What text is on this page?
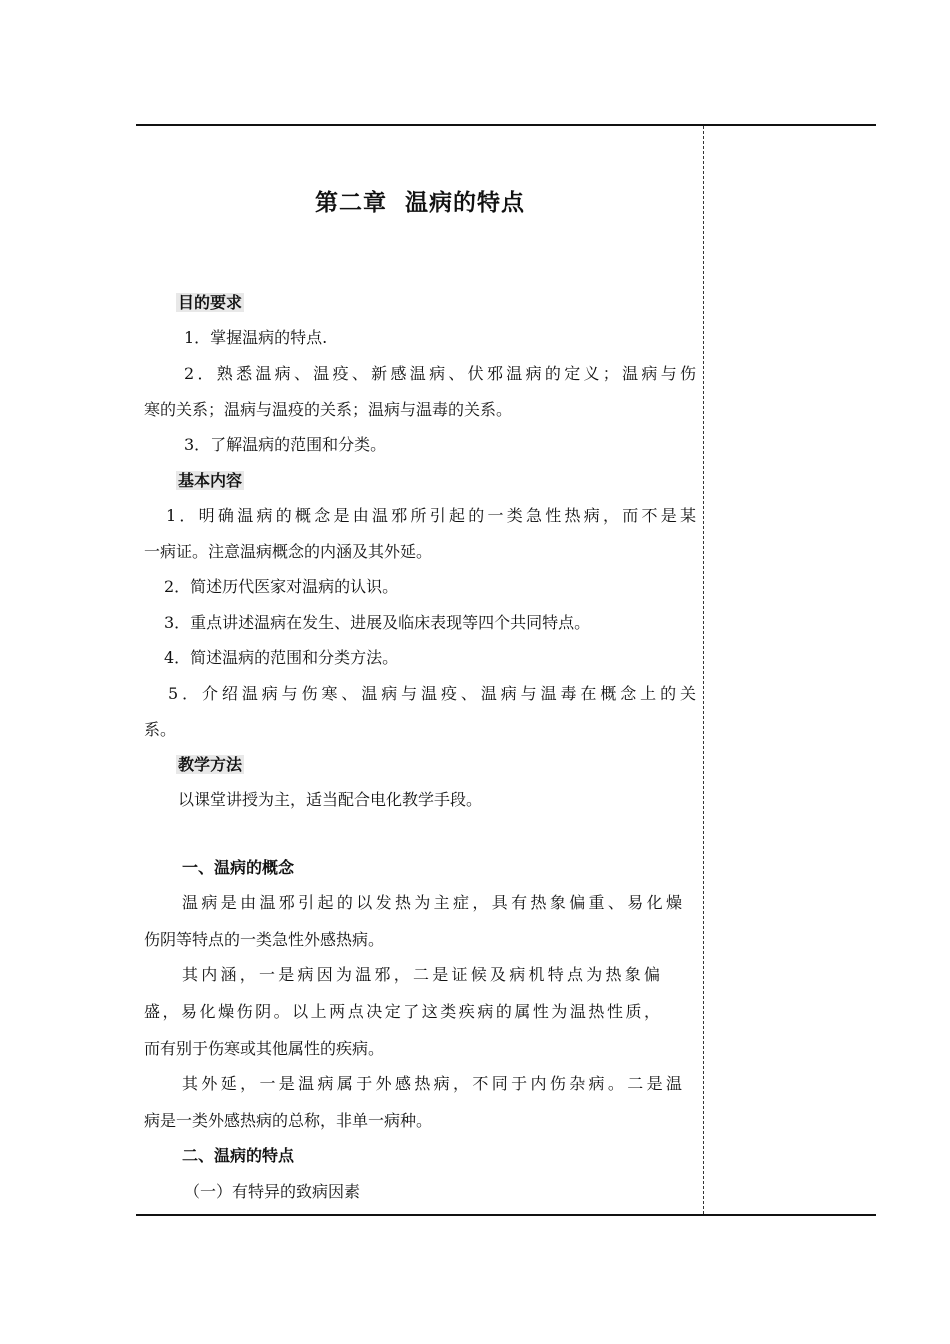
第二章 温病的特点
目的要求
1．掌握温病的特点.
2．熟悉温病、温疫、新感温病、伏邪温病的定义；温病与伤
寒的关系；温病与温疫的关系；温病与温毒的关系。
3．了解温病的范围和分类。
基本内容
1．明确温病的概念是由温邪所引起的一类急性热病，而不是某
一病证。注意温病概念的内涵及其外延。
2．简述历代医家对温病的认识。
3．重点讲述温病在发生、进展及临床表现等四个共同特点。
4．简述温病的范围和分类方法。
5．介绍温病与伤寒、温病与温疫、温病与温毒在概念上的关
系。
教学方法
以课堂讲授为主，适当配合电化教学手段。
一、温病的概念
温病是由温邪引起的以发热为主症，具有热象偏重、易化燥
伤阴等特点的一类急性外感热病。
其内涵，一是病因为温邪，二是证候及病机特点为热象偏
盛，易化燥伤阴。以上两点决定了这类疾病的属性为温热性质，
而有别于伤寒或其他属性的疾病。
其外延，一是温病属于外感热病，不同于内伤杂病。二是温
病是一类外感热病的总称，非单一病种。
二、温病的特点
（一）有特异的致病因素
